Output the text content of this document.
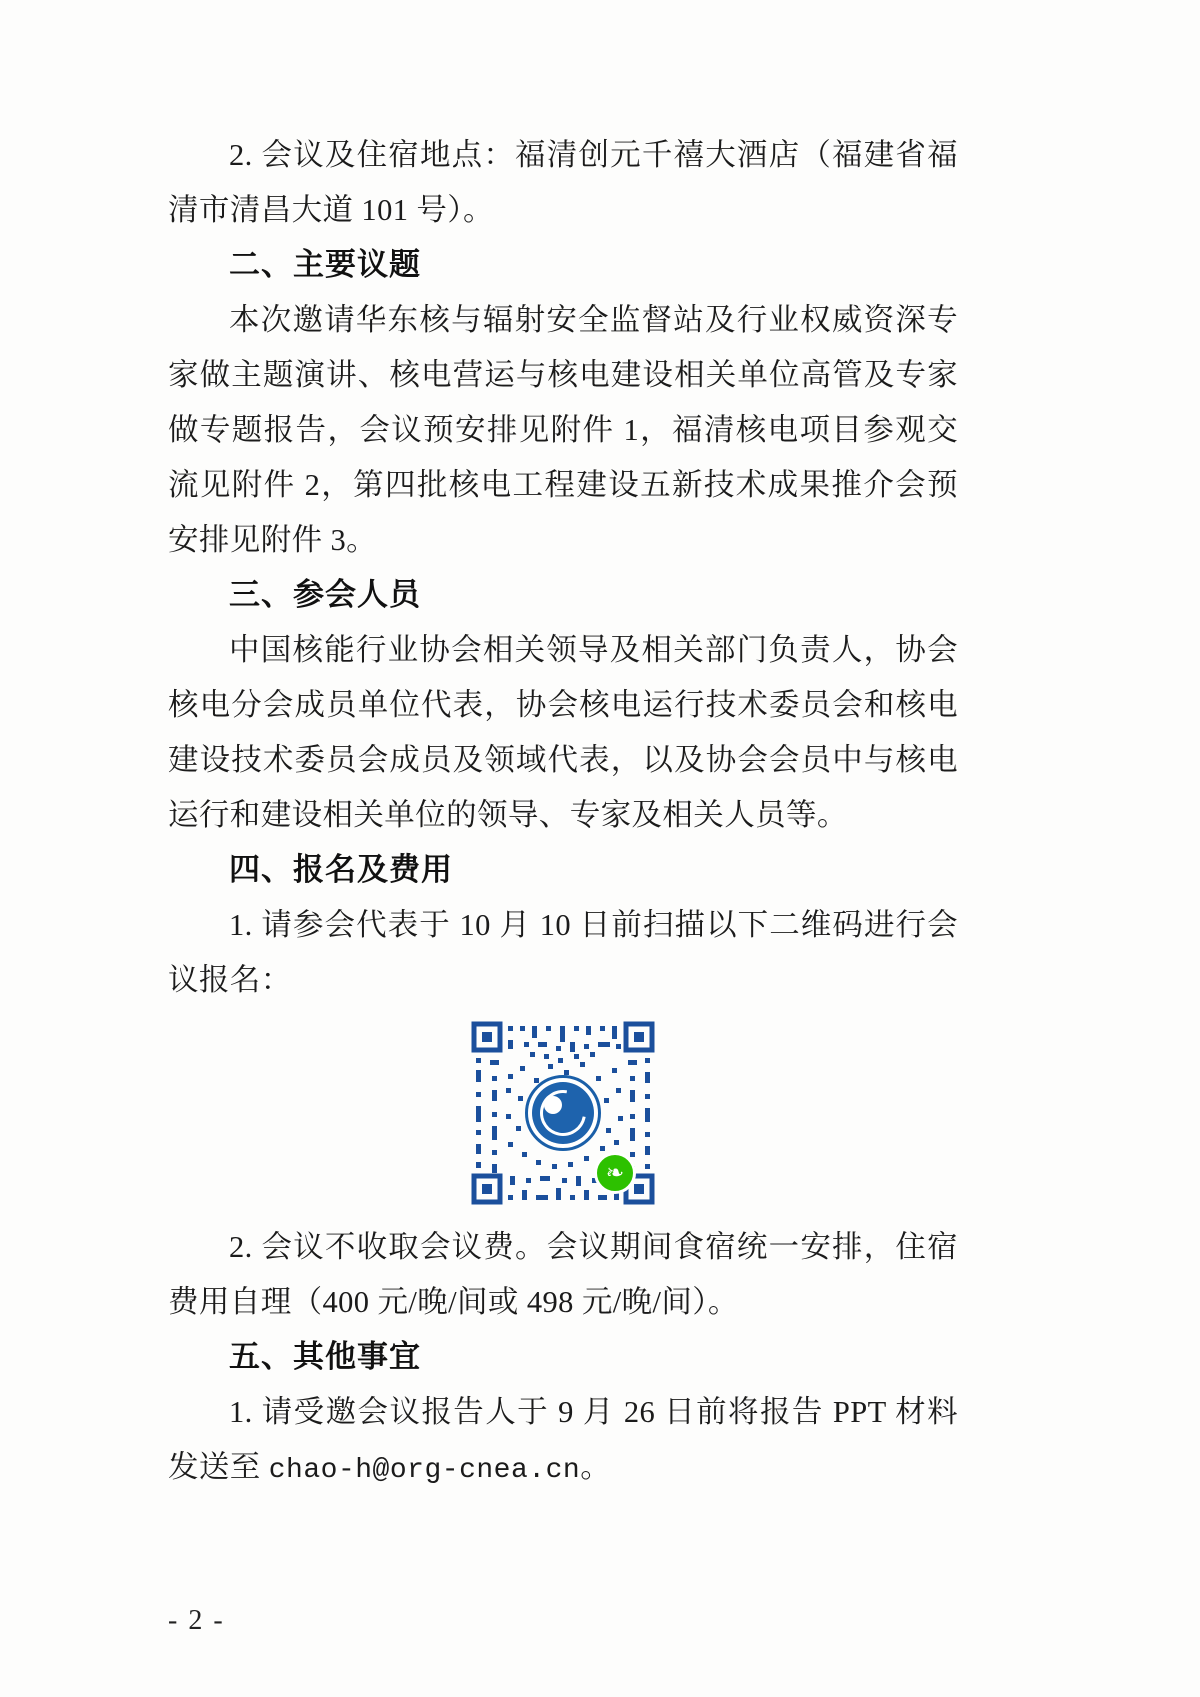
2. 会议及住宿地点：福清创元千禧大酒店（福建省福清市清昌大道 101 号）。

二、主要议题

本次邀请华东核与辐射安全监督站及行业权威资深专家做主题演讲、核电营运与核电建设相关单位高管及专家做专题报告，会议预安排见附件 1，福清核电项目参观交流见附件 2，第四批核电工程建设五新技术成果推介会预安排见附件 3。

三、参会人员

中国核能行业协会相关领导及相关部门负责人，协会核电分会成员单位代表，协会核电运行技术委员会和核电建设技术委员会成员及领域代表，以及协会会员中与核电运行和建设相关单位的领导、专家及相关人员等。

四、报名及费用

1. 请参会代表于 10 月 10 日前扫描以下二维码进行会议报名：

❧

2. 会议不收取会议费。会议期间食宿统一安排，住宿费用自理（400 元/晚/间或 498 元/晚/间）。

五、其他事宜

1. 请受邀会议报告人于 9 月 26 日前将报告 PPT 材料发送至 chao-h@org-cnea.cn。

- 2 -
